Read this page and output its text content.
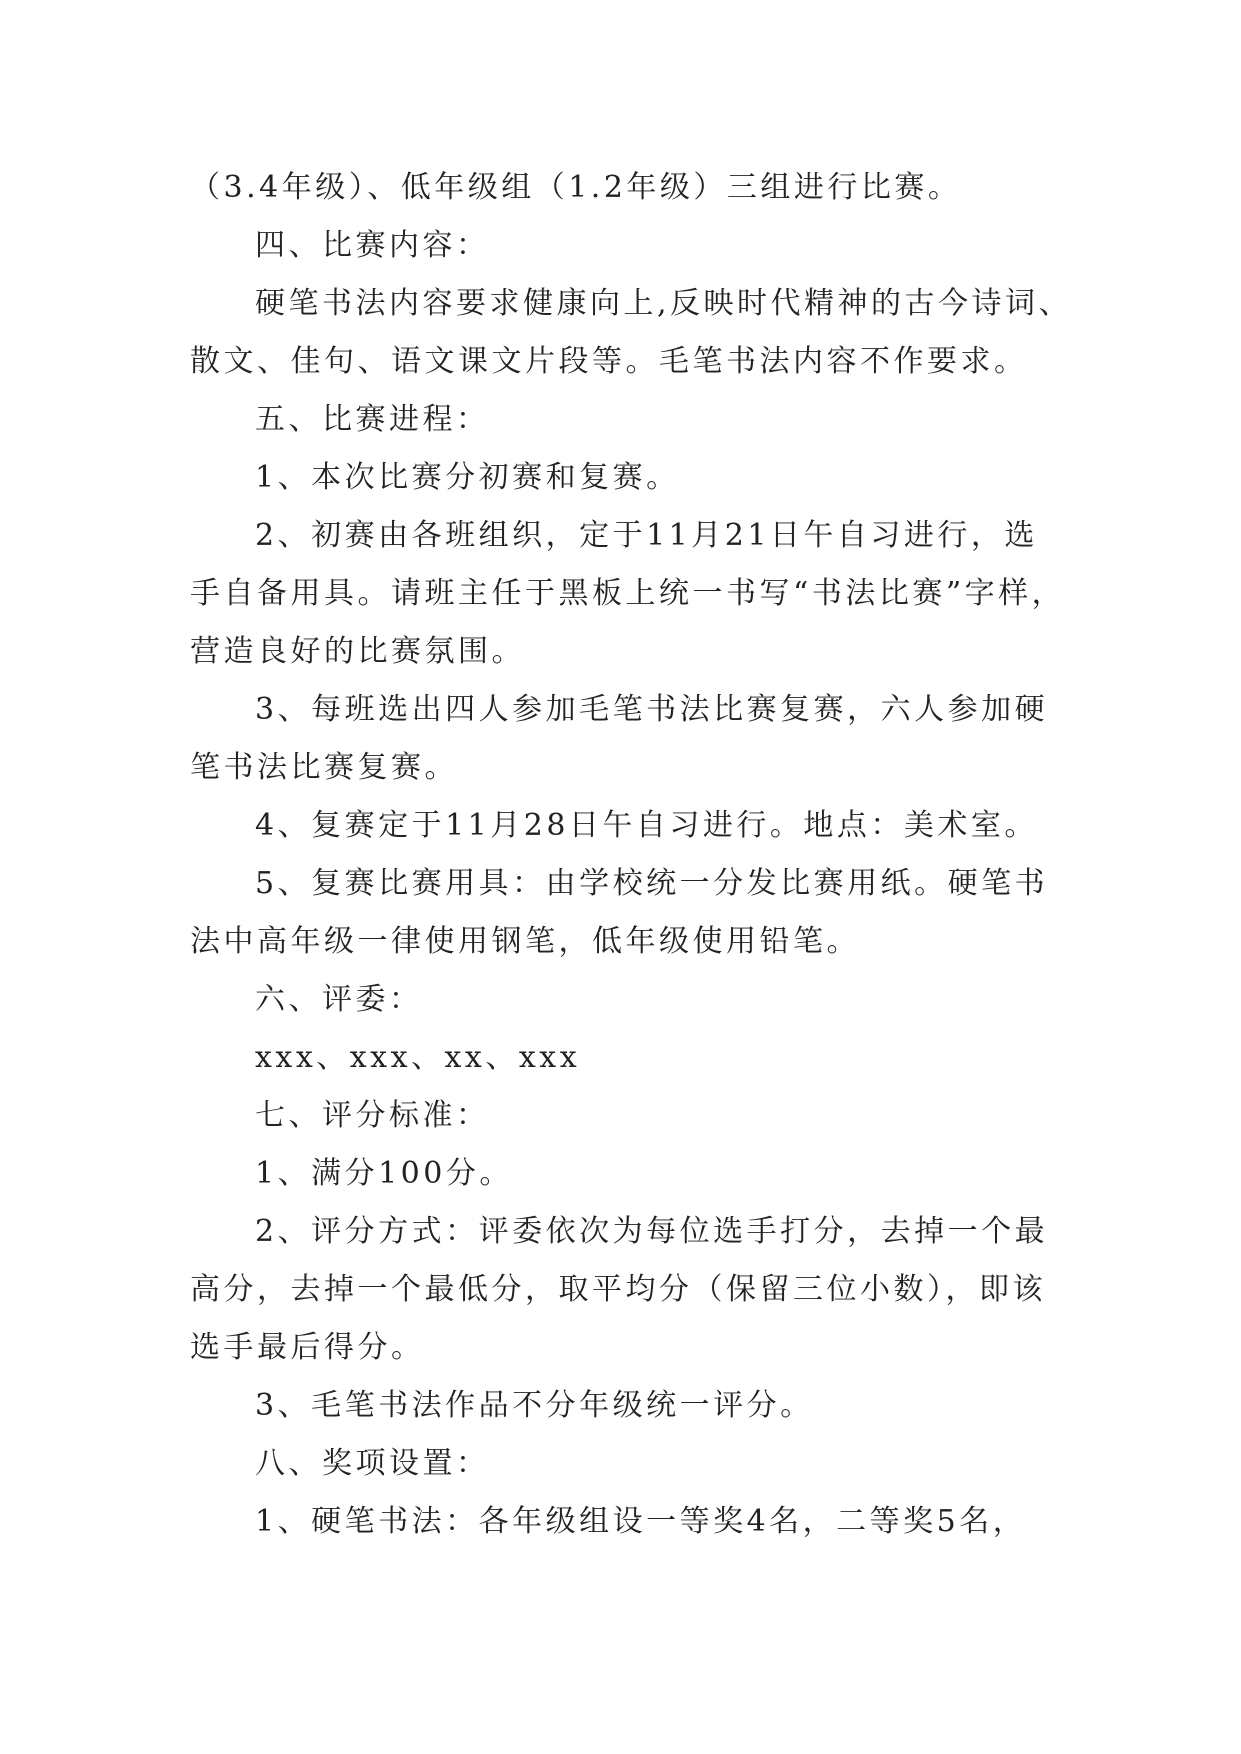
（3.4年级）、低年级组（1.2年级）三组进行比赛。
四、比赛内容：
硬笔书法内容要求健康向上,反映时代精神的古今诗词、
散文、佳句、语文课文片段等。毛笔书法内容不作要求。
五、比赛进程：
1、本次比赛分初赛和复赛。
2、初赛由各班组织，定于11月21日午自习进行，选
手自备用具。请班主任于黑板上统一书写“书法比赛”字样，
营造良好的比赛氛围。
3、每班选出四人参加毛笔书法比赛复赛，六人参加硬
笔书法比赛复赛。
4、复赛定于11月28日午自习进行。地点：美术室。
5、复赛比赛用具：由学校统一分发比赛用纸。硬笔书
法中高年级一律使用钢笔，低年级使用铅笔。
六、评委：
xxx、xxx、xx、xxx
七、评分标准：
1、满分100分。
2、评分方式：评委依次为每位选手打分，去掉一个最
高分，去掉一个最低分，取平均分（保留三位小数），即该
选手最后得分。
3、毛笔书法作品不分年级统一评分。
八、奖项设置：
1、硬笔书法：各年级组设一等奖4名，二等奖5名，
